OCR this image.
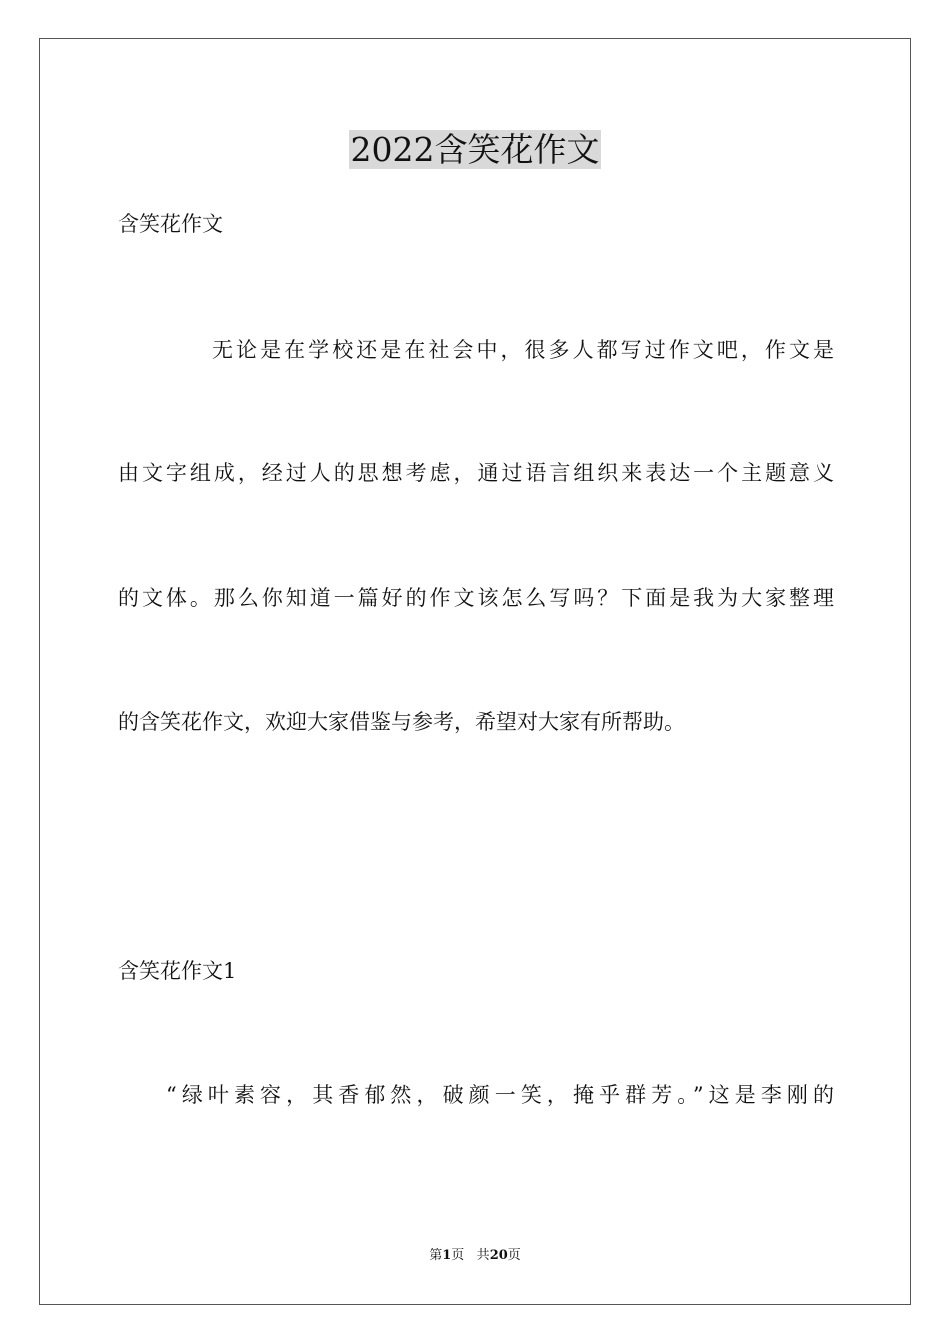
2022含笑花作文
含笑花作文
无论是在学校还是在社会中，很多人都写过作文吧，作文是
由文字组成，经过人的思想考虑，通过语言组织来表达一个主题意义
的文体。那么你知道一篇好的作文该怎么写吗？下面是我为大家整理
的含笑花作文，欢迎大家借鉴与参考，希望对大家有所帮助。
含笑花作文1
“绿叶素容，其香郁然，破颜一笑，掩乎群芳。”这是李刚的
第1页 共20页
